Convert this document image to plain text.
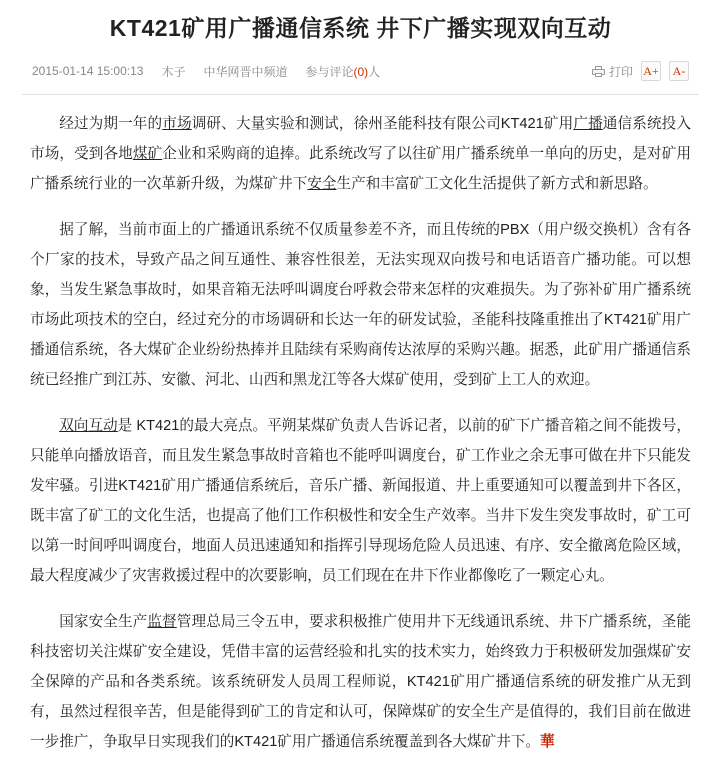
KT421矿用广播通信系统 井下广播实现双向互动
2015-01-14 15:00:13 木子 中华网晋中频道 参与评论(0)人	打印 A+	A-

经过为期一年的市场调研、大量实验和测试，徐州圣能科技有限公司KT421矿用广播通信系统投入市场，受到各地煤矿企业和采购商的追捧。此系统改写了以往矿用广播系统单一单向的历史，是对矿用广播系统行业的一次革新升级，为煤矿井下安全生产和丰富矿工文化生活提供了新方式和新思路。

据了解，当前市面上的广播通讯系统不仅质量参差不齐，而且传统的PBX（用户级交换机）含有各个厂家的技术，导致产品之间互通性、兼容性很差，无法实现双向拨号和电话语音广播功能。可以想象，当发生紧急事故时，如果音箱无法呼叫调度台呼救会带来怎样的灾难损失。为了弥补矿用广播系统市场此项技术的空白，经过充分的市场调研和长达一年的研发试验，圣能科技隆重推出了KT421矿用广播通信系统，各大煤矿企业纷纷热捧并且陆续有采购商传达浓厚的采购兴趣。据悉，此矿用广播通信系统已经推广到江苏、安徽、河北、山西和黑龙江等各大煤矿使用，受到矿上工人的欢迎。

双向互动是 KT421的最大亮点。平朔某煤矿负责人告诉记者，以前的矿下广播音箱之间不能拨号，只能单向播放语音，而且发生紧急事故时音箱也不能呼叫调度台，矿工作业之余无事可做在井下只能发发牢骚。引进KT421矿用广播通信系统后，音乐广播、新闻报道、井上重要通知可以覆盖到井下各区，既丰富了矿工的文化生活，也提高了他们工作积极性和安全生产效率。当井下发生突发事故时，矿工可以第一时间呼叫调度台，地面人员迅速通知和指挥引导现场危险人员迅速、有序、安全撤离危险区域，最大程度减少了灾害救援过程中的次要影响，员工们现在在井下作业都像吃了一颗定心丸。

国家安全生产监督管理总局三令五申，要求积极推广使用井下无线通讯系统、井下广播系统，圣能科技密切关注煤矿安全建设，凭借丰富的运营经验和扎实的技术实力，始终致力于积极研发加强煤矿安全保障的产品和各类系统。该系统研发人员周工程师说，KT421矿用广播通信系统的研发推广从无到有，虽然过程很辛苦，但是能得到矿工的肯定和认可，保障煤矿的安全生产是值得的，我们目前在做进一步推广，争取早日实现我们的KT421矿用广播通信系统覆盖到各大煤矿井下。華
